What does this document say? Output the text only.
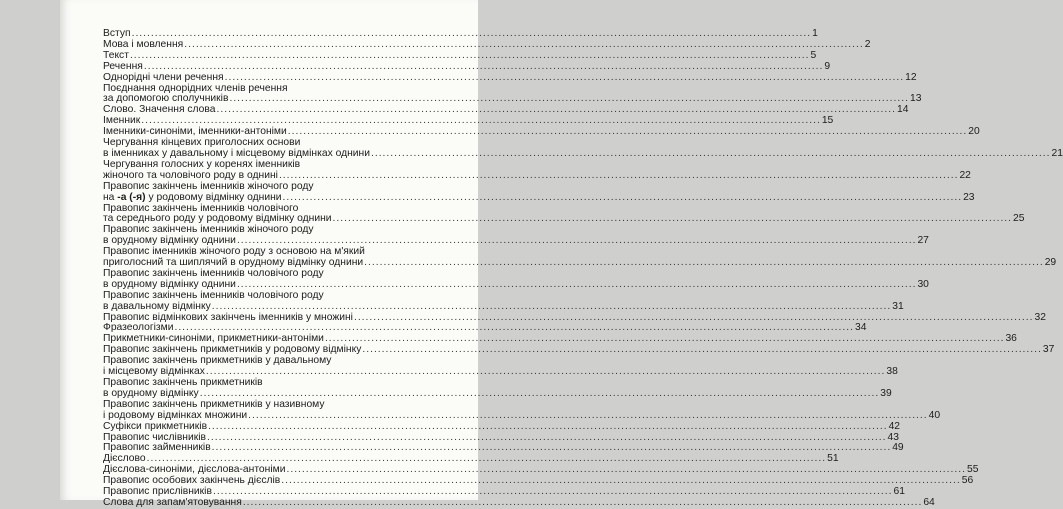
Вступ .....	1
Мова і мовлення .....	2
Текст .....	5
Речення .....	9
Однорідні члени речення .....	12
Поєднання однорідних членів речення
за допомогою сполучників .....	13
Слово. Значення слова .....	14
Іменник .....	15
Іменники-синоніми, іменники-антоніми .....	20
Чергування кінцевих приголосних основи
в іменниках у давальному і місцевому відмінках однини .....	21
Чергування голосних у коренях іменників
жіночого та чоловічого роду в однині .....	22
Правопис закінчень іменників жіночого роду
на -а (-я) у родовому відмінку однини .....	23
Правопис закінчень іменників чоловічого
та середнього роду у родовому відмінку однини .....	25
Правопис закінчень іменників жіночого роду
в орудному відмінку однини .....	27
Правопис іменників жіночого роду з основою на м'який
приголосний та шиплячий в орудному відмінку однини .....	29
Правопис закінчень іменників чоловічого роду
в орудному відмінку однини .....	30
Правопис закінчень іменників чоловічого роду
в давальному відмінку .....	31
Правопис відмінкових закінчень іменників у множині .....	32
Фразеологізми .....	34
Прикметники-синоніми, прикметники-антоніми .....	36
Правопис закінчень прикметників у родовому відмінку .....	37
Правопис закінчень прикметників у давальному
і місцевому відмінках .....	38
Правопис закінчень прикметників
в орудному відмінку .....	39
Правопис закінчень прикметників у називному
і родовому відмінках множини .....	40
Суфікси прикметників .....	42
Правопис числівників .....	43
Правопис займенників .....	49
Дієслово .....	51
Дієслова-синоніми, дієслова-антоніми .....	55
Правопис особових закінчень дієслів .....	56
Правопис прислівників .....	61
Слова для запам'ятовування .....	64
